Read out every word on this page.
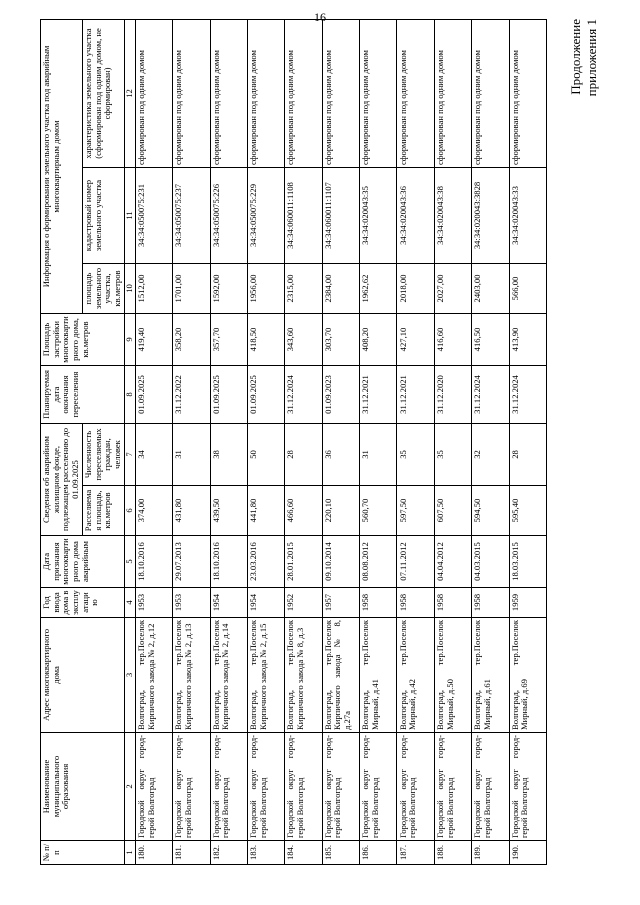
16
Продолжение приложения 1
№ п/п	Наименование муниципального образования	Адрес многоквартирного дома	Год ввода дома в эксплуатацию	Дата признания многоквартирного дома аварийным	Сведения об аварийном жилищном фонде, подлежащем расселению до 01.09.2025		Планируемая дата окончания переселения	Площадь застройки многоквартирного дома, кв.метров	Информация о формировании земельного участка под аварийным многоквартирным домом		
					Расселяемая площадь, кв.метров	Численность переселяемых граждан, человек			площадь земельного участка, кв.метров	кадастровый номер земельного участка	характеристика земельного участка (сформирован под одним домом, не сформирован)
1	2	3	4	5	6	7	8	9	10	11	12
180.	Городской округ город-герой Волгоград	Волгоград, тер.Поселок Кирпичного завода № 2, д.12	1953	18.10.2016	374,00	34	01.09.2025	419,40	1512,00	34:34:050075:231	сформирован под одним домом
181.	Городской округ город-герой Волгоград	Волгоград, тер.Поселок Кирпичного завода № 2, д.13	1953	29.07.2013	431,80	31	31.12.2022	358,20	1701,00	34:34:050075:237	сформирован под одним домом
182.	Городской округ город-герой Волгоград	Волгоград, тер.Поселок Кирпичного завода № 2, д.14	1954	18.10.2016	439,50	38	01.09.2025	357,70	1592,00	34:34:050075:226	сформирован под одним домом
183.	Городской округ город-герой Волгоград	Волгоград, тер.Поселок Кирпичного завода № 2, д.15	1954	23.03.2016	441,80	50	01.09.2025	418,50	1956,00	34:34:050075:229	сформирован под одним домом
184.	Городской округ город-герой Волгоград	Волгоград, тер.Поселок Кирпичного завода № 8, д.3	1952	28.01.2015	466,60	28	31.12.2024	343,60	2315,00	34:34:060011:1108	сформирован под одним домом
185.	Городской округ город-герой Волгоград	Волгоград, тер.Поселок Кирпичного завода № 8, д.27а	1957	09.10.2014	220,10	36	01.09.2023	303,70	2384,00	34:34:060011:1107	сформирован под одним домом
186.	Городской округ город-герой Волгоград	Волгоград, тер.Поселок Мирный, д.41	1958	08.08.2012	560,70	31	31.12.2021	408,20	1962,62	34:34:020043:35	сформирован под одним домом
187.	Городской округ город-герой Волгоград	Волгоград, тер.Поселок Мирный, д.42	1958	07.11.2012	597,50	35	31.12.2021	427,10	2018,00	34:34:020043:36	сформирован под одним домом
188.	Городской округ город-герой Волгоград	Волгоград, тер.Поселок Мирный, д.50	1958	04.04.2012	607,50	35	31.12.2020	416,60	2027,00	34:34:020043:38	сформирован под одним домом
189.	Городской округ город-герой Волгоград	Волгоград, тер.Поселок Мирный, д.61	1958	04.03.2015	594,50	32	31.12.2024	416,50	2403,00	34:34:020043:3828	сформирован под одним домом
190.	Городской округ город-герой Волгоград	Волгоград, тер.Поселок Мирный, д.69	1959	18.03.2015	595,40	28	31.12.2024	413,90	566,00	34:34:020043:33	сформирован под одним домом
